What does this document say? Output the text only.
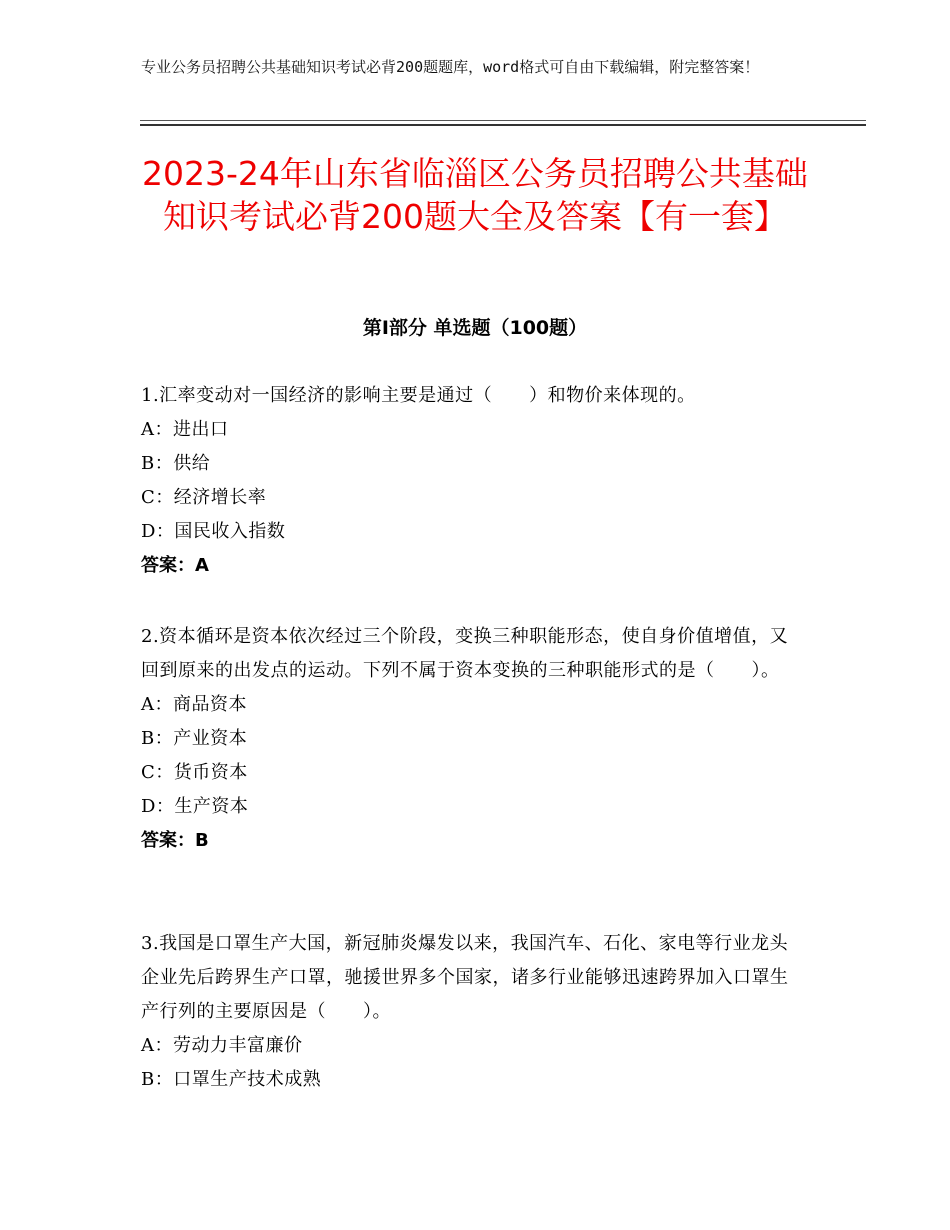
专业公务员招聘公共基础知识考试必背200题题库，word格式可自由下载编辑，附完整答案！
2023-24年山东省临淄区公务员招聘公共基础知识考试必背200题大全及答案【有一套】
第Ⅰ部分 单选题（100题）

1.汇率变动对一国经济的影响主要是通过（　　）和物价来体现的。

A：进出口

B：供给

C：经济增长率

D：国民收入指数

答案：A

2.资本循环是资本依次经过三个阶段，变换三种职能形态，使自身价值增值，又回到原来的出发点的运动。下列不属于资本变换的三种职能形式的是（　　）。

A：商品资本

B：产业资本

C：货币资本

D：生产资本

答案：B

3.我国是口罩生产大国，新冠肺炎爆发以来，我国汽车、石化、家电等行业龙头企业先后跨界生产口罩，驰援世界多个国家，诸多行业能够迅速跨界加入口罩生产行列的主要原因是（　　）。

A：劳动力丰富廉价

B：口罩生产技术成熟
